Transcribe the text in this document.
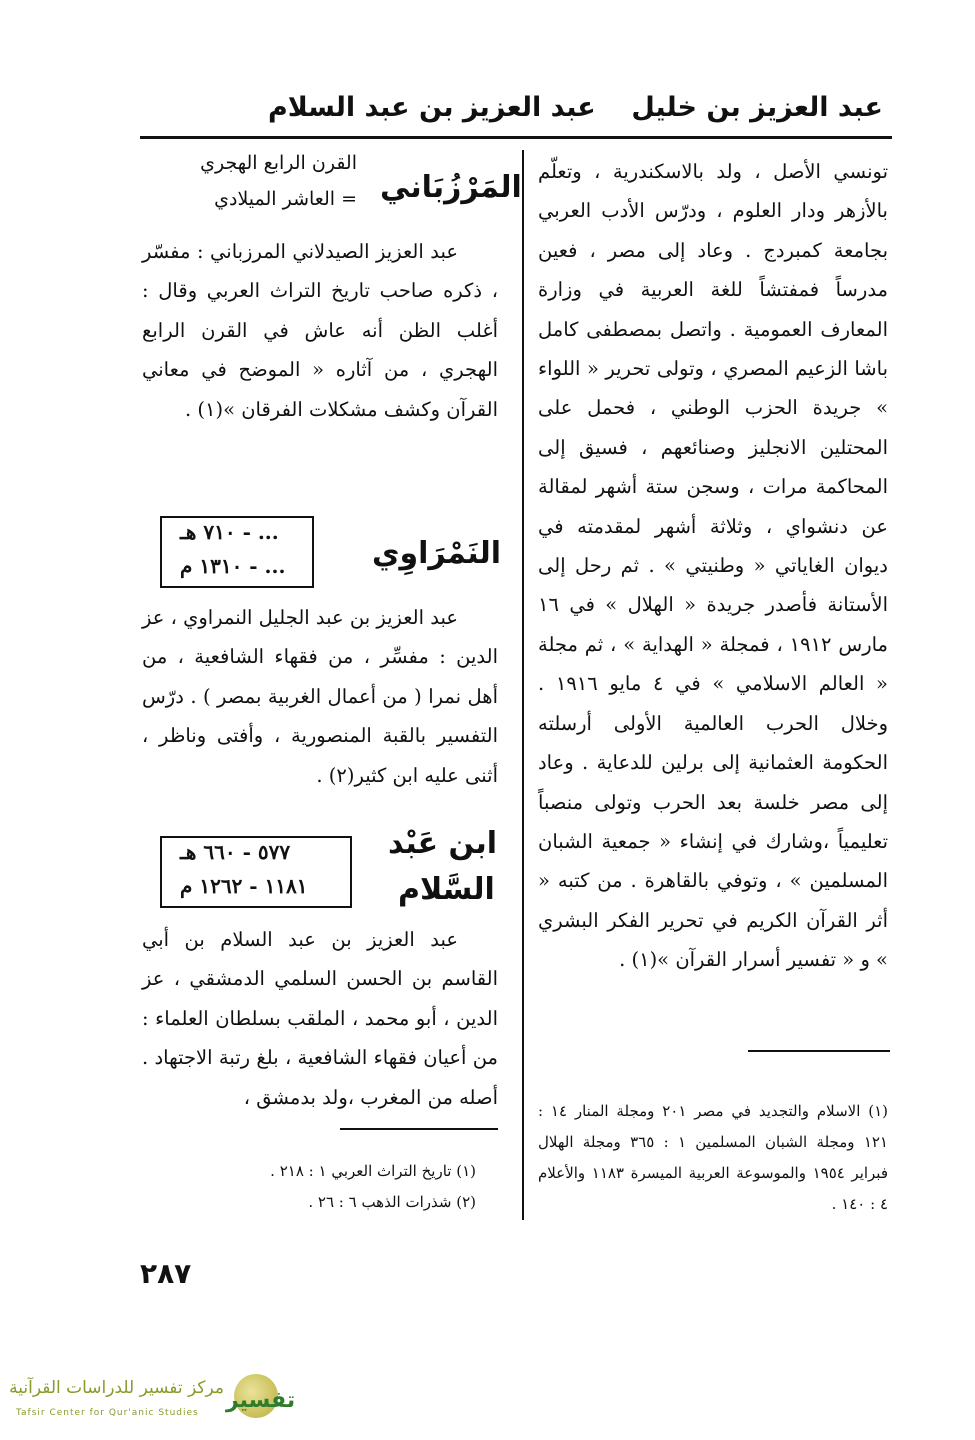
عبد العزيز بن خليل
عبد العزيز بن عبد السلام

تونسي الأصل ، ولد بالاسكندرية ، وتعلّم بالأزهر ودار العلوم ، ودرّس الأدب العربي بجامعة كمبردج . وعاد إلى مصر ، فعين مدرساً فمفتشاً للغة العربية في وزارة المعارف العمومية . واتصل بمصطفى كامل باشا الزعيم المصري ، وتولى تحرير « اللواء » جريدة الحزب الوطني ، فحمل على المحتلين الانجليز وصنائعهم ، فسيق إلى المحاكمة مرات ، وسجن ستة أشهر لمقالة عن دنشواي ، وثلاثة أشهر لمقدمته في ديوان الغاياتي « وطنيتي » . ثم رحل إلى الأستانة فأصدر جريدة « الهلال » في ١٦ مارس ١٩١٢ ، فمجلة « الهداية » ، ثم مجلة « العالم الاسلامي » في ٤ مايو ١٩١٦ . وخلال الحرب العالمية الأولى أرسلته الحكومة العثمانية إلى برلين للدعاية . وعاد إلى مصر خلسة بعد الحرب وتولى منصباً تعليمياً ،وشارك في إنشاء « جمعية الشبان المسلمين » ، وتوفي بالقاهرة . من كتبه « أثر القرآن الكريم في تحرير الفكر البشري » و « تفسير أسرار القرآن »(١) .

(١) الاسلام والتجديد في مصر ٢٠١ ومجلة المنار ١٤ : ١٢١ ومجلة الشبان المسلمين ١ : ٣٦٥ ومجلة الهلال فبراير ١٩٥٤ والموسوعة العربية الميسرة ١١٨٣ والأعلام ٤ : ١٤٠ .

المَرْزُبَاني
القرن الرابع الهجري
= العاشر الميلادي

عبد العزيز الصيدلاني المرزباني : مفسّر ، ذكره صاحب تاريخ التراث العربي وقال : أغلب الظن أنه عاش في القرن الرابع الهجري ، من آثاره « الموضح في معاني القرآن وكشف مشكلات الفرقان »(١) .

النَمْرَاوِي
... - ٧١٠ هـ
... - ١٣١٠ م

عبد العزيز بن عبد الجليل النمراوي ، عز الدين : مفسِّر ، من فقهاء الشافعية ، من أهل نمرا ( من أعمال الغربية بمصر ) . درّس التفسير بالقبة المنصورية ، وأفتى وناظر ، أثنى عليه ابن كثير(٢) .

ابن عَبْد
السَّلام
٥٧٧ - ٦٦٠ هـ
١١٨١ - ١٢٦٢ م

عبد العزيز بن عبد السلام بن أبي القاسم بن الحسن السلمي الدمشقي ، عز الدين ، أبو محمد ، الملقب بسلطان العلماء : من أعيان فقهاء الشافعية ، بلغ رتبة الاجتهاد . أصله من المغرب ،ولد بدمشق ،

(١) تاريخ التراث العربي ١ : ٢١٨ .

(٢) شذرات الذهب ٦ : ٢٦ .

٢٨٧
مركز تفسير للدراسات القرآنية
Tafsir Center for Qur'anic Studies تفسير
